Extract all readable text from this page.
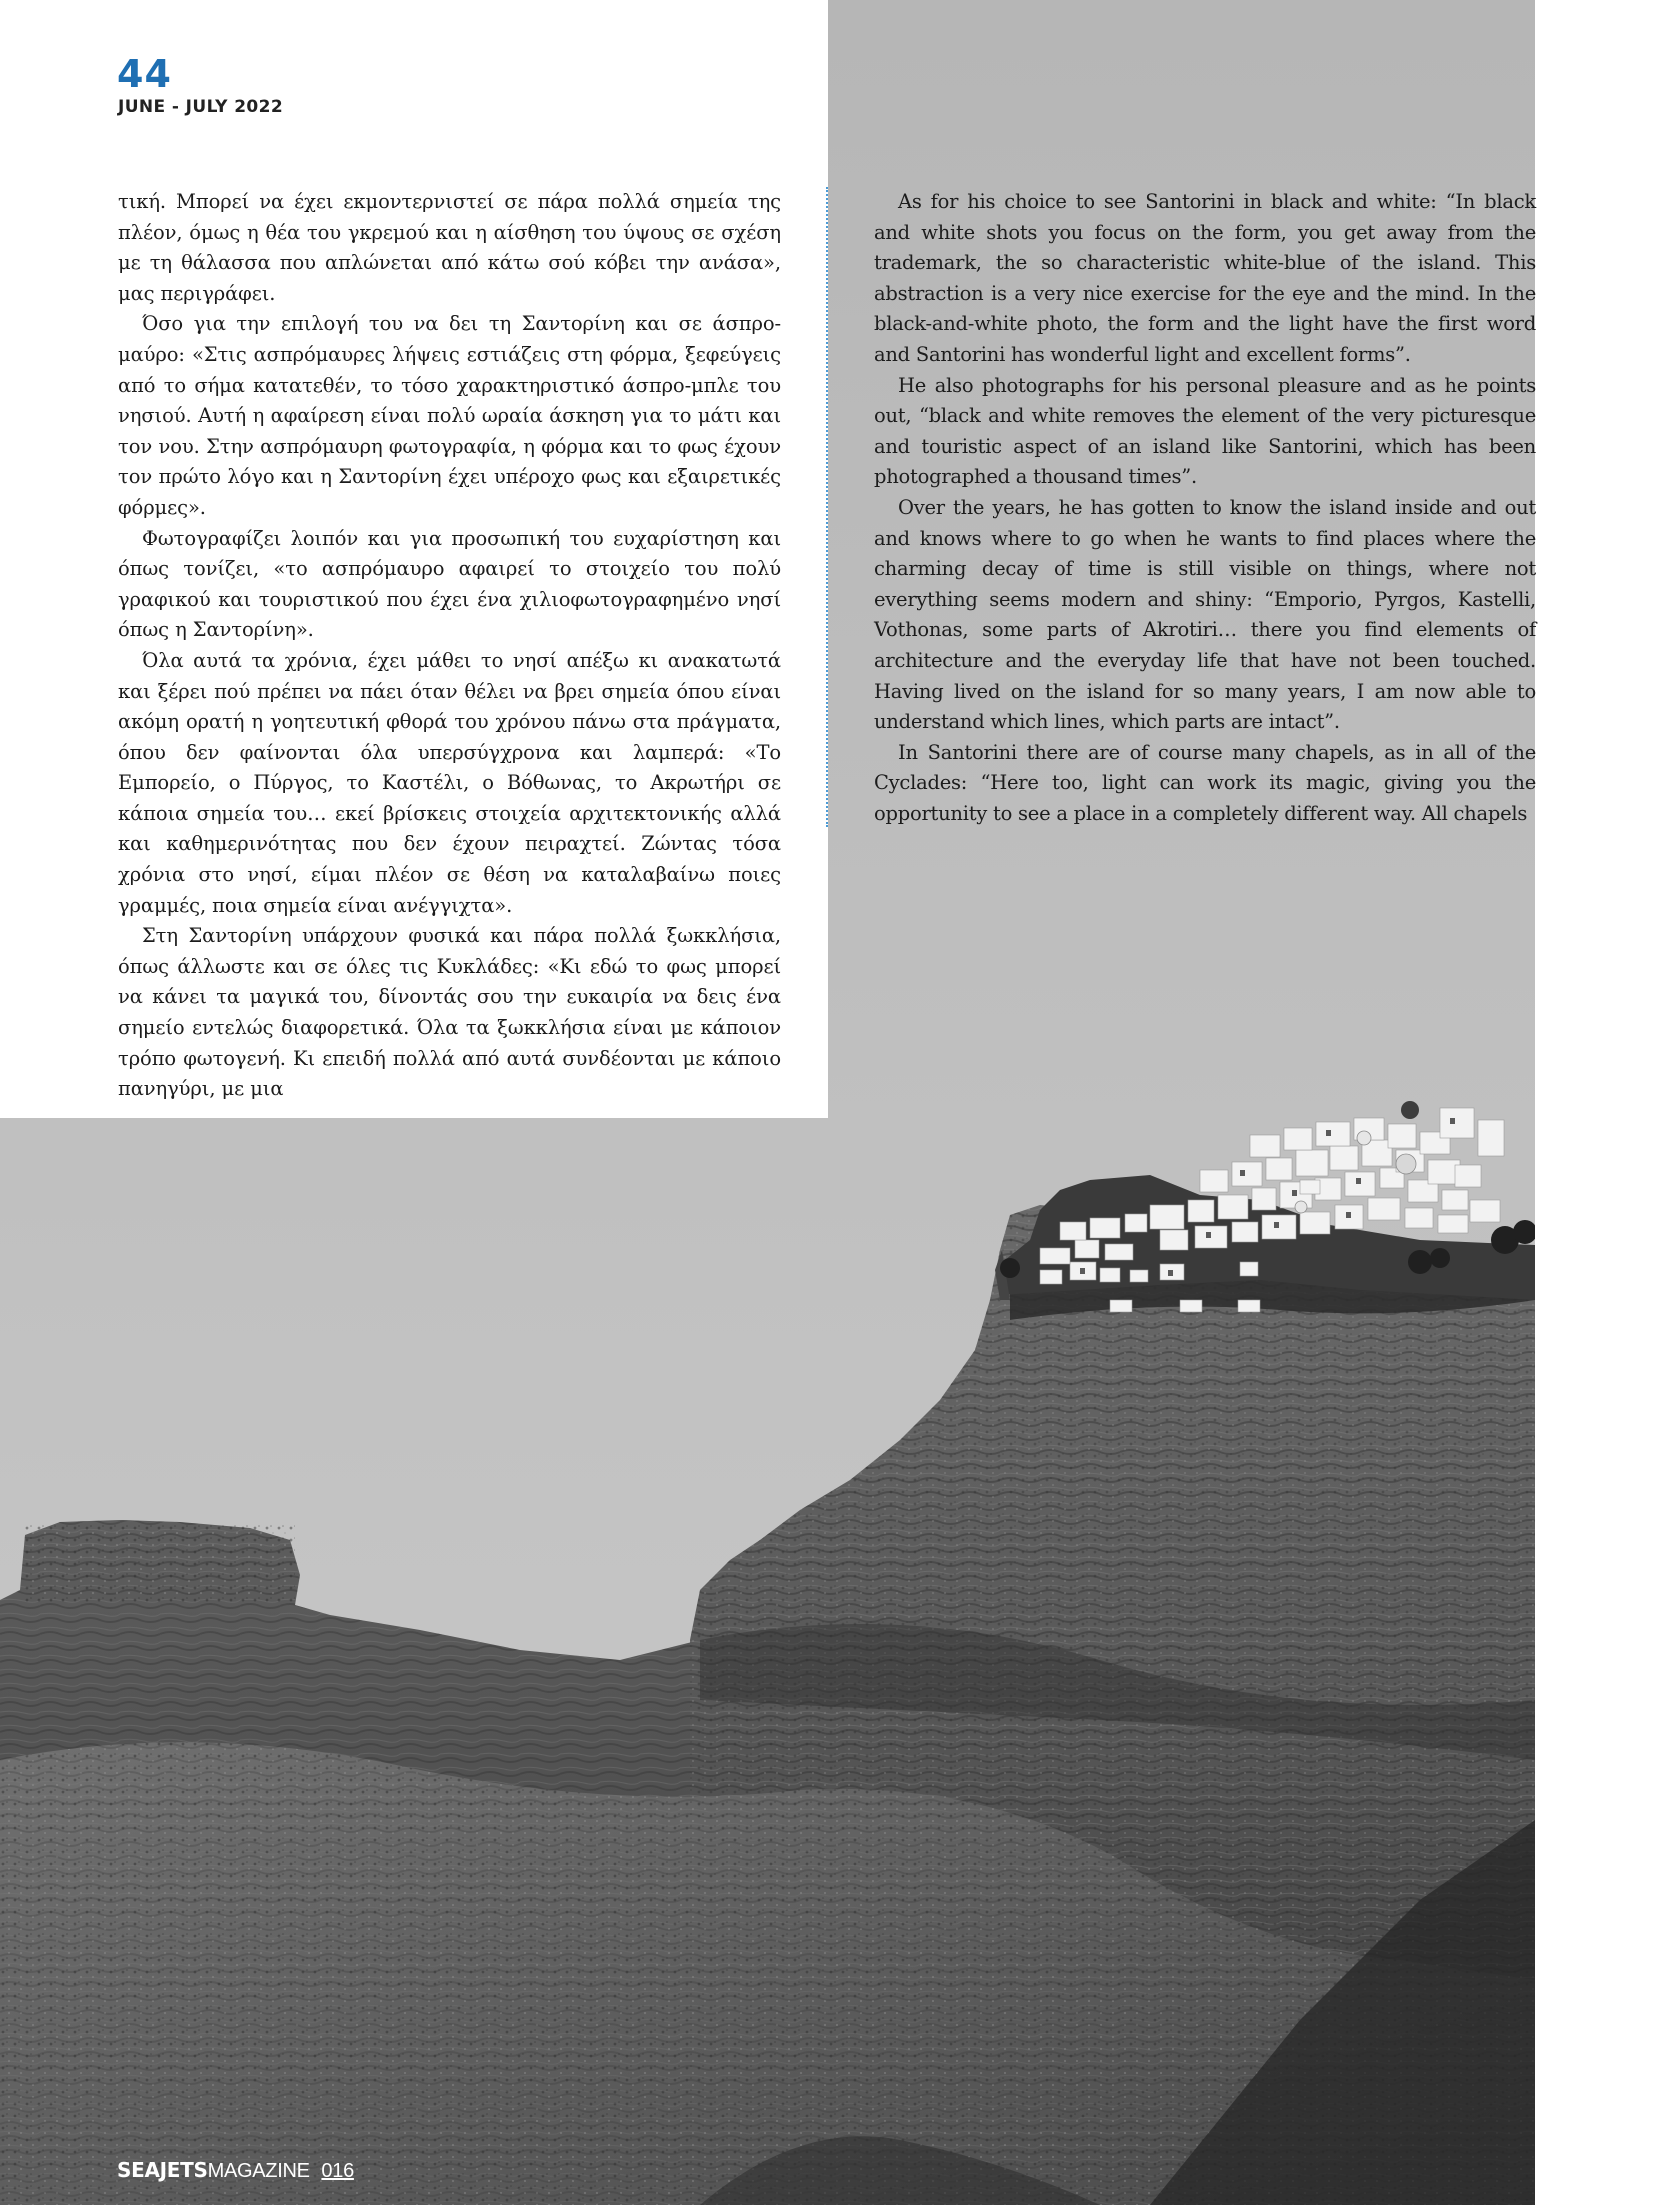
44
JUNE - JULY 2022

τική. Μπορεί να έχει εκμοντερνιστεί σε πάρα πολλά σημεία της πλέον, όμως η θέα του γκρεμού και η αίσθηση του ύψους σε σχέση με τη θάλασσα που απλώνεται από κάτω σού κόβει την ανάσα», μας περιγράφει.

Όσο για την επιλογή του να δει τη Σαντορίνη και σε άσπρο-μαύρο: «Στις ασπρόμαυρες λήψεις εστιάζεις στη φόρμα, ξεφεύγεις από το σήμα κατατεθέν, το τόσο χαρακτηριστικό άσπρο-μπλε του νησιού. Αυτή η αφαίρεση είναι πολύ ωραία άσκηση για το μάτι και τον νου. Στην ασπρόμαυρη φωτογραφία, η φόρμα και το φως έχουν τον πρώτο λόγο και η Σαντορίνη έχει υπέροχο φως και εξαιρετικές φόρμες».

Φωτογραφίζει λοιπόν και για προσωπική του ευχαρίστηση και όπως τονίζει, «το ασπρόμαυρο αφαιρεί το στοιχείο του πολύ γραφικού και τουριστικού που έχει ένα χιλιοφωτογραφημένο νησί όπως η Σαντορίνη».

Όλα αυτά τα χρόνια, έχει μάθει το νησί απέξω κι ανακατωτά και ξέρει πού πρέπει να πάει όταν θέλει να βρει σημεία όπου είναι ακόμη ορατή η γοητευτική φθορά του χρόνου πάνω στα πράγματα, όπου δεν φαίνονται όλα υπερσύγχρονα και λαμπερά: «Το Εμπορείο, ο Πύργος, το Καστέλι, ο Βόθωνας, το Ακρωτήρι σε κάποια σημεία του… εκεί βρίσκεις στοιχεία αρχιτεκτονικής αλλά και καθημερινότητας που δεν έχουν πειραχτεί. Ζώντας τόσα χρόνια στο νησί, είμαι πλέον σε θέση να καταλαβαίνω ποιες γραμμές, ποια σημεία είναι ανέγγιχτα».

Στη Σαντορίνη υπάρχουν φυσικά και πάρα πολλά ξωκκλήσια, όπως άλλωστε και σε όλες τις Κυκλάδες: «Κι εδώ το φως μπορεί να κάνει τα μαγικά του, δίνοντάς σου την ευκαιρία να δεις ένα σημείο εντελώς διαφορετικά. Όλα τα ξωκκλήσια είναι με κάποιον τρόπο φωτογενή. Κι επειδή πολλά από αυτά συνδέονται με κάποιο πανηγύρι, με μια

As for his choice to see Santorini in black and white: “In black and white shots you focus on the form, you get away from the trademark, the so characteristic white-blue of the island. This abstraction is a very nice exercise for the eye and the mind. In the black-and-white photo, the form and the light have the first word and Santorini has wonderful light and excellent forms”.

He also photographs for his personal pleasure and as he points out, “black and white removes the element of the very picturesque and touristic aspect of an island like Santorini, which has been photographed a thousand times”.

Over the years, he has gotten to know the island inside and out and knows where to go when he wants to find places where the charming decay of time is still visible on things, where not everything seems modern and shiny: “Emporio, Pyrgos, Kastelli, Vothonas, some parts of Akrotiri… there you find elements of architecture and the everyday life that have not been touched. Having lived on the island for so many years, I am now able to understand which lines, which parts are intact”.

In Santorini there are of course many chapels, as in all of the Cyclades: “Here too, light can work its magic, giving you the opportunity to see a place in a completely different way. All chapels

SEAJETSMAGAZINE  016
